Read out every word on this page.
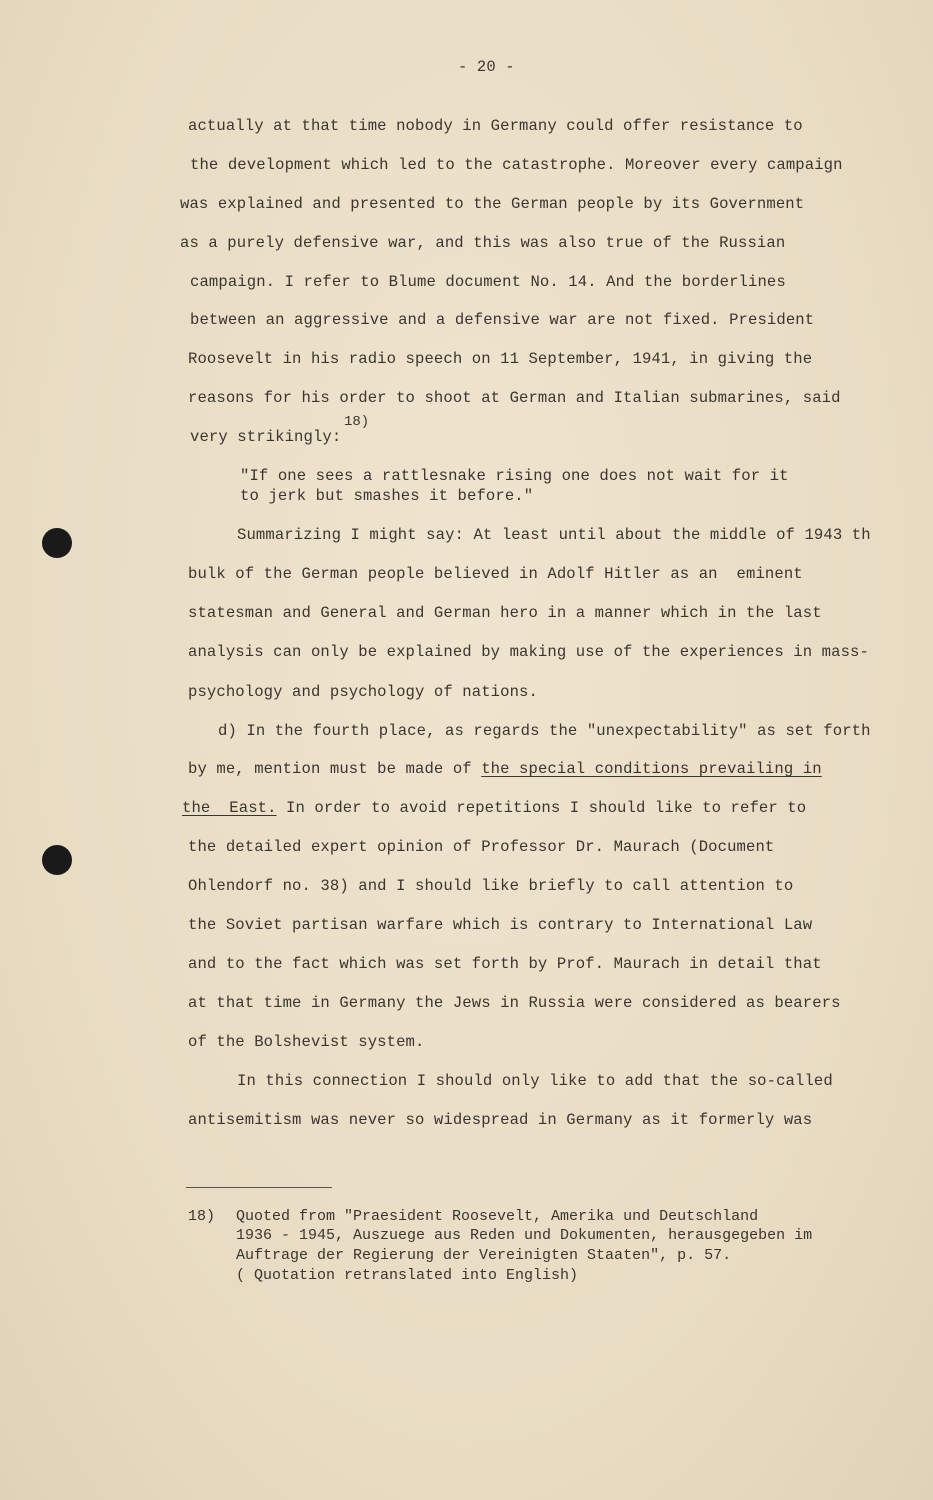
- 20 -
actually at that time nobody in Germany could offer resistance to
the development which led to the catastrophe. Moreover every campaign
was explained and presented to the German people by its Government
as a purely defensive war, and this was also true of the Russian
campaign. I refer to Blume document No. 14. And the borderlines
between an aggressive and a defensive war are not fixed. President
Roosevelt in his radio speech on 11 September, 1941, in giving the
reasons for his order to shoot at German and Italian submarines, said
very strikingly:
18)
"If one sees a rattlesnake rising one does not wait for it
to jerk but smashes it before."
Summarizing I might say: At least until about the middle of 1943 th
bulk of the German people believed in Adolf Hitler as an  eminent
statesman and General and German hero in a manner which in the last
analysis can only be explained by making use of the experiences in mass-
psychology and psychology of nations.
d) In the fourth place, as regards the "unexpectability" as set forth
by me, mention must be made of the special conditions prevailing in
the  East. In order to avoid repetitions I should like to refer to
the detailed expert opinion of Professor Dr. Maurach (Document
Ohlendorf no. 38) and I should like briefly to call attention to
the Soviet partisan warfare which is contrary to International Law
and to the fact which was set forth by Prof. Maurach in detail that
at that time in Germany the Jews in Russia were considered as bearers
of the Bolshevist system.
In this connection I should only like to add that the so-called
antisemitism was never so widespread in Germany as it formerly was
18) Quoted from "Praesident Roosevelt, Amerika und Deutschland
1936 - 1945, Auszuege aus Reden und Dokumenten, herausgegeben im
Auftrage der Regierung der Vereinigten Staaten", p. 57.
( Quotation retranslated into English)
